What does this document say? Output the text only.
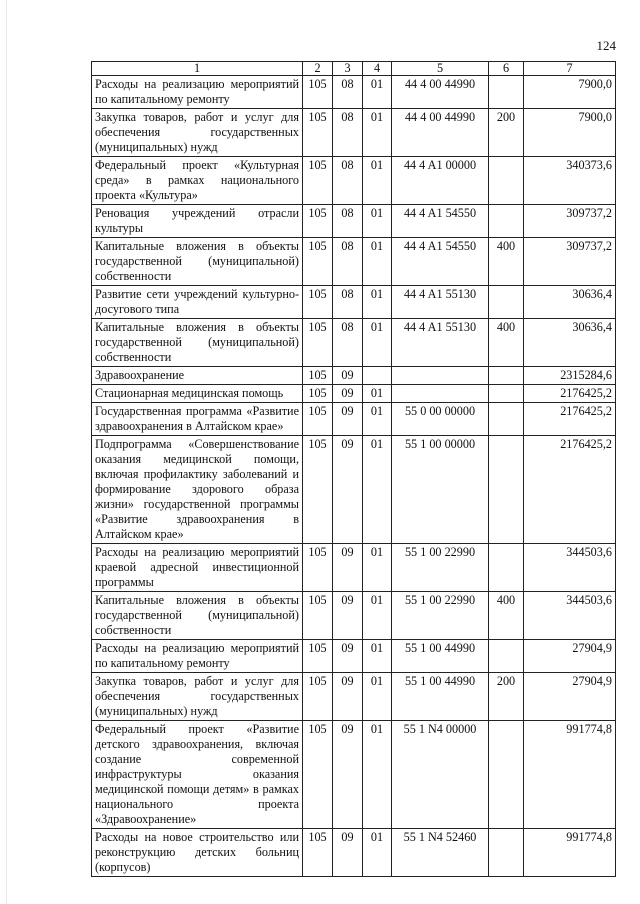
124
1	2	3	4	5	6	7
Расходы на реализацию мероприятий по капитальному ремонту	105	08	01	44 4 00 44990		7900,0
Закупка товаров, работ и услуг для обеспечения государственных (муниципальных) нужд	105	08	01	44 4 00 44990	200	7900,0
Федеральный проект «Культурная среда» в рамках национального проекта «Культура»	105	08	01	44 4 A1 00000		340373,6
Реновация учреждений отрасли культуры	105	08	01	44 4 A1 54550		309737,2
Капитальные вложения в объекты государственной (муниципальной) собственности	105	08	01	44 4 A1 54550	400	309737,2
Развитие сети учреждений культурно-досугового типа	105	08	01	44 4 A1 55130		30636,4
Капитальные вложения в объекты государственной (муниципальной) собственности	105	08	01	44 4 A1 55130	400	30636,4
Здравоохранение	105	09				2315284,6
Стационарная медицинская помощь	105	09	01			2176425,2
Государственная программа «Развитие здравоохранения в Алтайском крае»	105	09	01	55 0 00 00000		2176425,2
Подпрограмма «Совершенствование оказания медицинской помощи, включая профилактику заболеваний и формирование здорового образа жизни» государственной программы «Развитие здравоохранения в Алтайском крае»	105	09	01	55 1 00 00000		2176425,2
Расходы на реализацию мероприятий краевой адресной инвестиционной программы	105	09	01	55 1 00 22990		344503,6
Капитальные вложения в объекты государственной (муниципальной) собственности	105	09	01	55 1 00 22990	400	344503,6
Расходы на реализацию мероприятий по капитальному ремонту	105	09	01	55 1 00 44990		27904,9
Закупка товаров, работ и услуг для обеспечения государственных (муниципальных) нужд	105	09	01	55 1 00 44990	200	27904,9
Федеральный проект «Развитие детского здравоохранения, включая создание современной инфраструктуры оказания медицинской помощи детям» в рамках национального проекта «Здравоохранение»	105	09	01	55 1 N4 00000		991774,8
Расходы на новое строительство или реконструкцию детских больниц (корпусов)	105	09	01	55 1 N4 52460		991774,8
